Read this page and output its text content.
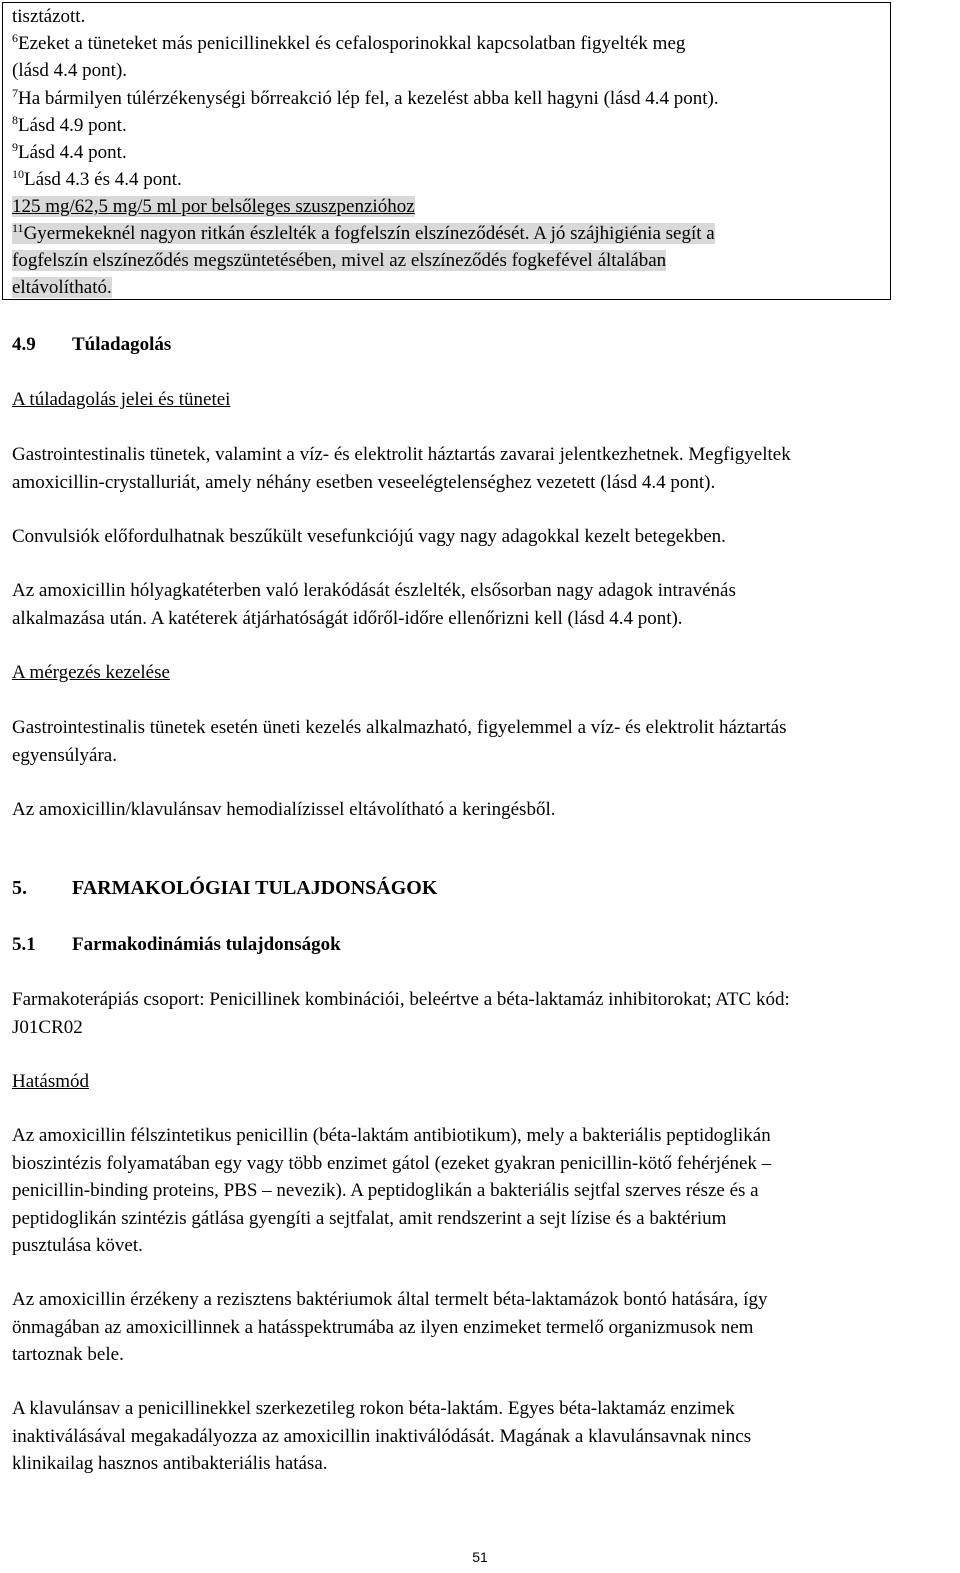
tisztázott.
$^6$Ezeket a tüneteket más penicillinekkel és cefalosporinokkal kapcsolatban figyelték meg
(lásd 4.4 pont).
$^7$Ha bármilyen túlérzékenységi bőrreakció lép fel, a kezelést abba kell hagyni (lásd 4.4 pont).
$^8$Lásd 4.9 pont.
$^9$Lásd 4.4 pont.
$^{10}$Lásd 4.3 és 4.4 pont.
125 mg/62,5 mg/5 ml por belsőleges szuszpenzióhoz
$^{11}$Gyermekeknél nagyon ritkán észlelték a fogfelszín elszíneződését. A jó szájhigiénia segít a
fogfelszín elszíneződés megszüntetésében, mivel az elszíneződés fogkefével általában
eltávolítható.
4.9 Túladagolás
A túladagolás jelei és tünetei
Gastrointestinalis tünetek, valamint a víz- és elektrolit háztartás zavarai jelentkezhetnek. Megfigyeltek
amoxicillin-crystalluriát, amely néhány esetben veseelégtelenséghez vezetett (lásd 4.4 pont).
Convulsiók előfordulhatnak beszűkült vesefunkciójú vagy nagy adagokkal kezelt betegekben.
Az amoxicillin hólyagkatéterben való lerakódását észlelték, elsősorban nagy adagok intravénás
alkalmazása után. A katéterek átjárhatóságát időről-időre ellenőrizni kell (lásd 4.4 pont).
A mérgezés kezelése
Gastrointestinalis tünetek esetén üneti kezelés alkalmazható, figyelemmel a víz- és elektrolit háztartás
egyensúlyára.
Az amoxicillin/klavulánsav hemodialízissel eltávolítható a keringésből.
5. FARMAKOLÓGIAI TULAJDONSÁGOK
5.1 Farmakodinámiás tulajdonságok
Farmakoterápiás csoport: Penicillinek kombinációi, beleértve a béta-laktamáz inhibitorokat; ATC kód:
J01CR02
Hatásmód
Az amoxicillin félszintetikus penicillin (béta-laktám antibiotikum), mely a bakteriális peptidoglikán
bioszintézis folyamatában egy vagy több enzimet gátol (ezeket gyakran penicillin-kötő fehérjének –
penicillin-binding proteins, PBS – nevezik). A peptidoglikán a bakteriális sejtfal szerves része és a
peptidoglikán szintézis gátlása gyengíti a sejtfalat, amit rendszerint a sejt lízise és a baktérium
pusztulása követ.
Az amoxicillin érzékeny a rezisztens baktériumok által termelt béta-laktamázok bontó hatására, így
önmagában az amoxicillinnek a hatásspektrumába az ilyen enzimeket termelő organizmusok nem
tartoznak bele.
A klavulánsav a penicillinekkel szerkezetileg rokon béta-laktám. Egyes béta-laktamáz enzimek
inaktiválásával megakadályozza az amoxicillin inaktiválódását. Magának a klavulánsavnak nincs
klinikailag hasznos antibakteriális hatása.
51
